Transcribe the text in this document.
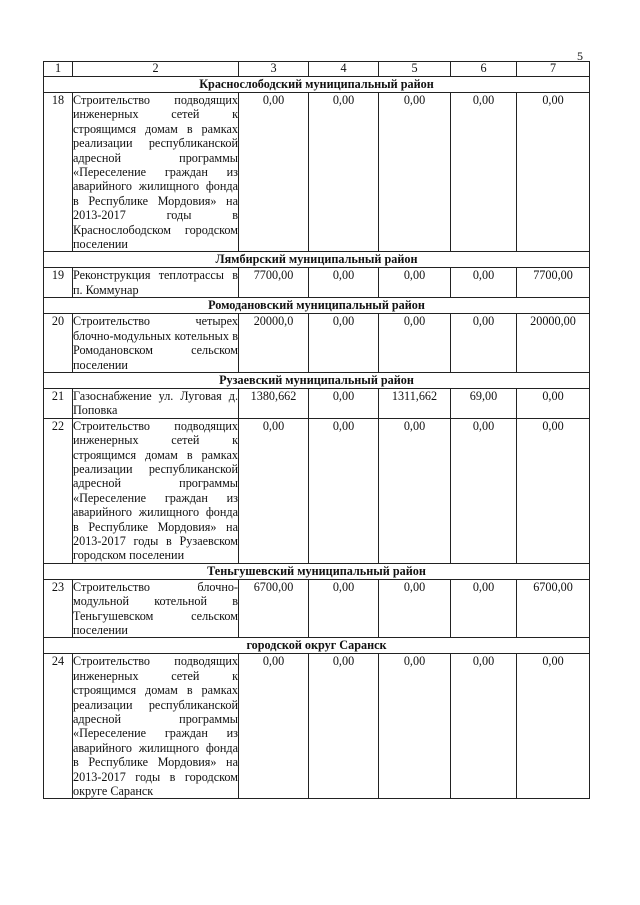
5
1	2	3	4	5	6	7
Краснослободский муниципальный район						
18	Строительство подводящих инженерных сетей к строящимся домам в рамках реализации республиканской адресной программы «Переселение граждан из аварийного жилищного фонда в Республике Мордовия» на 2013-2017 годы в Краснослободском городском поселении	0,00	0,00	0,00	0,00	0,00
Лямбирский муниципальный район						
19	Реконструкция теплотрассы в п. Коммунар	7700,00	0,00	0,00	0,00	7700,00
Ромодановский муниципальный район						
20	Строительство четырех блочно-модульных котельных в Ромодановском сельском поселении	20000,0	0,00	0,00	0,00	20000,00
Рузаевский муниципальный район						
21	Газоснабжение ул. Луговая д. Поповка	1380,662	0,00	1311,662	69,00	0,00
22	Строительство подводящих инженерных сетей к строящимся домам в рамках реализации республиканской адресной программы «Переселение граждан из аварийного жилищного фонда в Республике Мордовия» на 2013-2017 годы в Рузаевском городском поселении	0,00	0,00	0,00	0,00	0,00
Теньгушевский муниципальный район						
23	Строительство блочно-модульной котельной в Теньгушевском сельском поселении	6700,00	0,00	0,00	0,00	6700,00
городской округ Саранск						
24	Строительство подводящих инженерных сетей к строящимся домам в рамках реализации республиканской адресной программы «Переселение граждан из аварийного жилищного фонда в Республике Мордовия» на 2013-2017 годы в городском округе Саранск	0,00	0,00	0,00	0,00	0,00
